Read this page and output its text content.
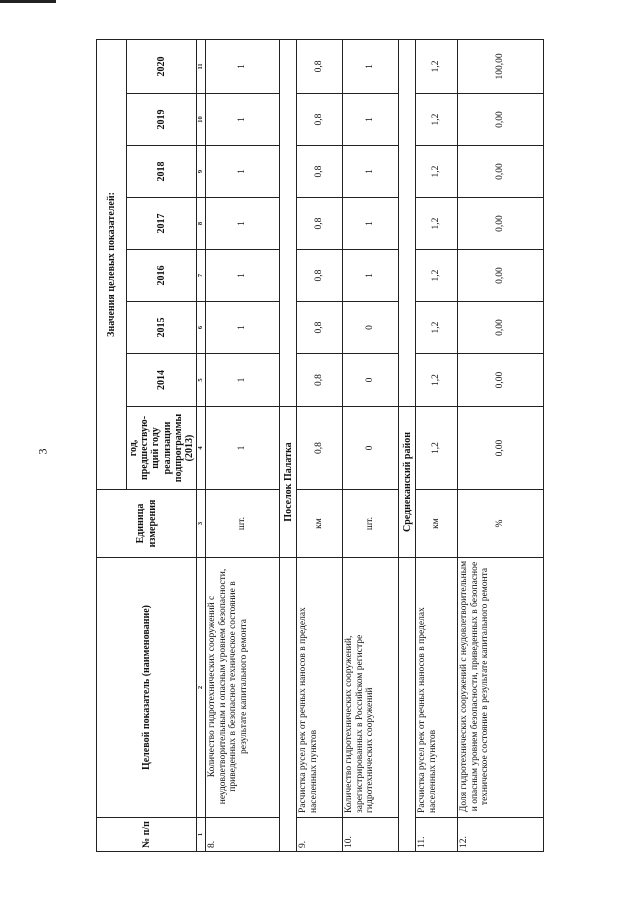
3
№ п/п	Целевой показатель (наименование)	Единица измерения	Значения целевых показателей:							
			год, предшествую-щий году реализации подпрограммы (2013)	2014	2015	2016	2017	2018	2019	2020
1	2	3	4	5	6	7	8	9	10	11
8.	Количество гидротехнических сооружений с неудовлетворительным и опасным уровнем безопасности, приведенных в безопасное техническое состояние в результате капитального ремонта	шт.	1	1	1	1	1	1	1	1
		Поселок Палатка								
9.	Расчистка русел рек от речных наносов в пределах населенных пунктов	км	0,8	0,8	0,8	0,8	0,8	0,8	0,8	0,8
10.	Количество гидротехнических сооружений, зарегистрированных в Российском регистре гидротехнических сооружений	шт.	0	0	0	1	1	1	1	1
		Среднеканский район								
11.	Расчистка русел рек от речных наносов в пределах населенных пунктов	км	1,2	1,2	1,2	1,2	1,2	1,2	1,2	1,2
12.	Доля гидротехнических сооружений с неудовлетворительным и опасным уровнем безопасности, приведенных в безопасное техническое состояние в результате капитального ремонта	%	0,00	0,00	0,00	0,00	0,00	0,00	0,00	100,00
